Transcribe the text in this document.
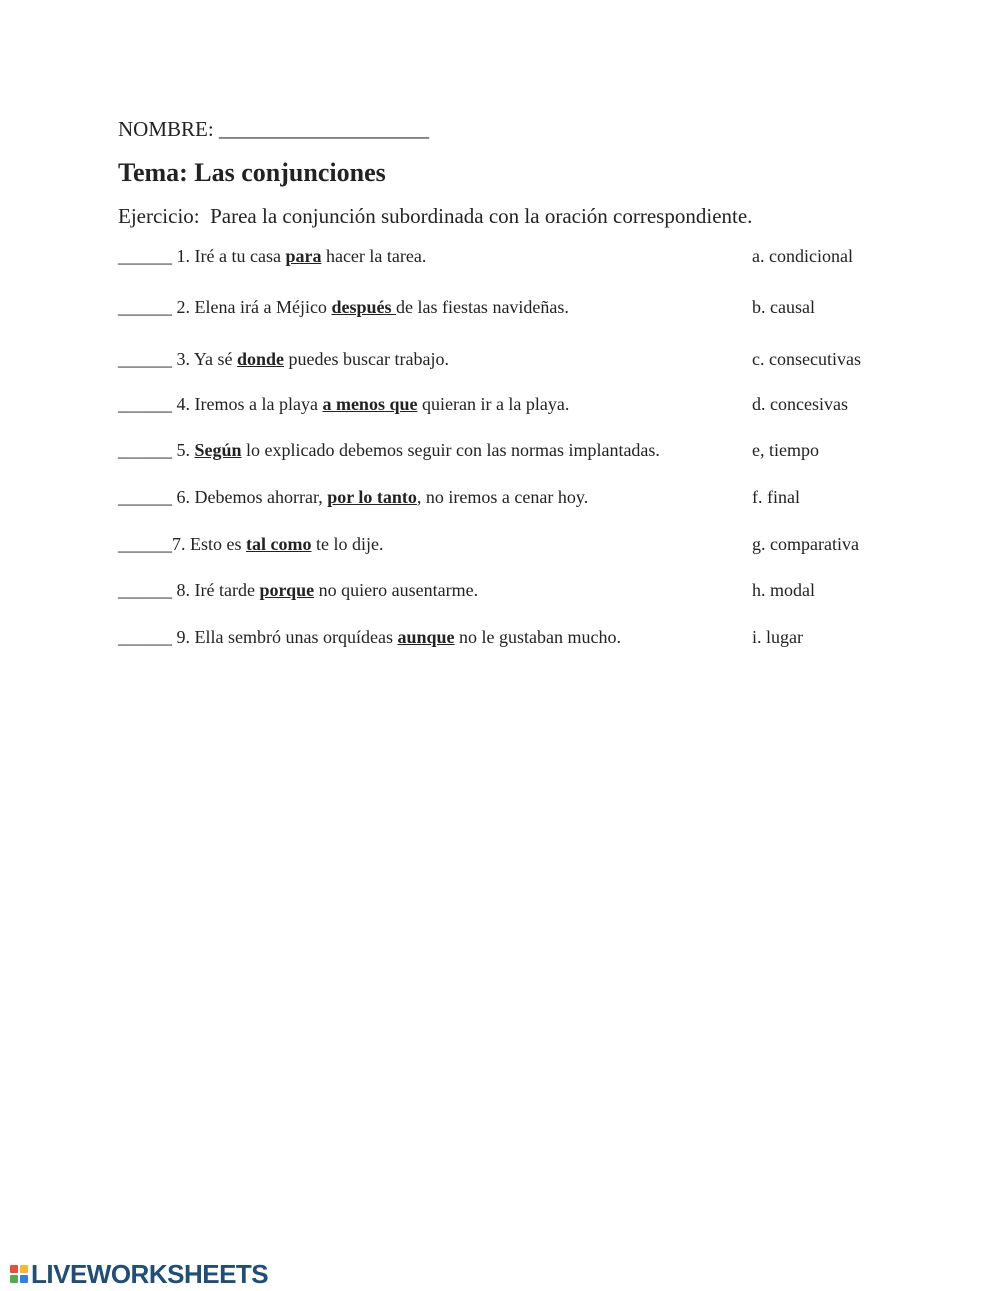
NOMBRE: ____________________
Tema: Las conjunciones
Ejercicio:  Parea la conjunción subordinada con la oración correspondiente.
______ 1. Iré a tu casa para hacer la tarea.
______ 2. Elena irá a Méjico después de las fiestas navideñas.
______ 3. Ya sé donde puedes buscar trabajo.
______ 4. Iremos a la playa a menos que quieran ir a la playa.
______ 5. Según lo explicado debemos seguir con las normas implantadas.
______ 6. Debemos ahorrar, por lo tanto, no iremos a cenar hoy.
______7. Esto es tal como te lo dije.
______ 8. Iré tarde porque no quiero ausentarme.
______ 9. Ella sembró unas orquídeas aunque no le gustaban mucho.
a. condicional
b. causal
c. consecutivas
d. concesivas
e, tiempo
f. final
g. comparativa
h. modal
i. lugar
LIVEWORKSHEETS
